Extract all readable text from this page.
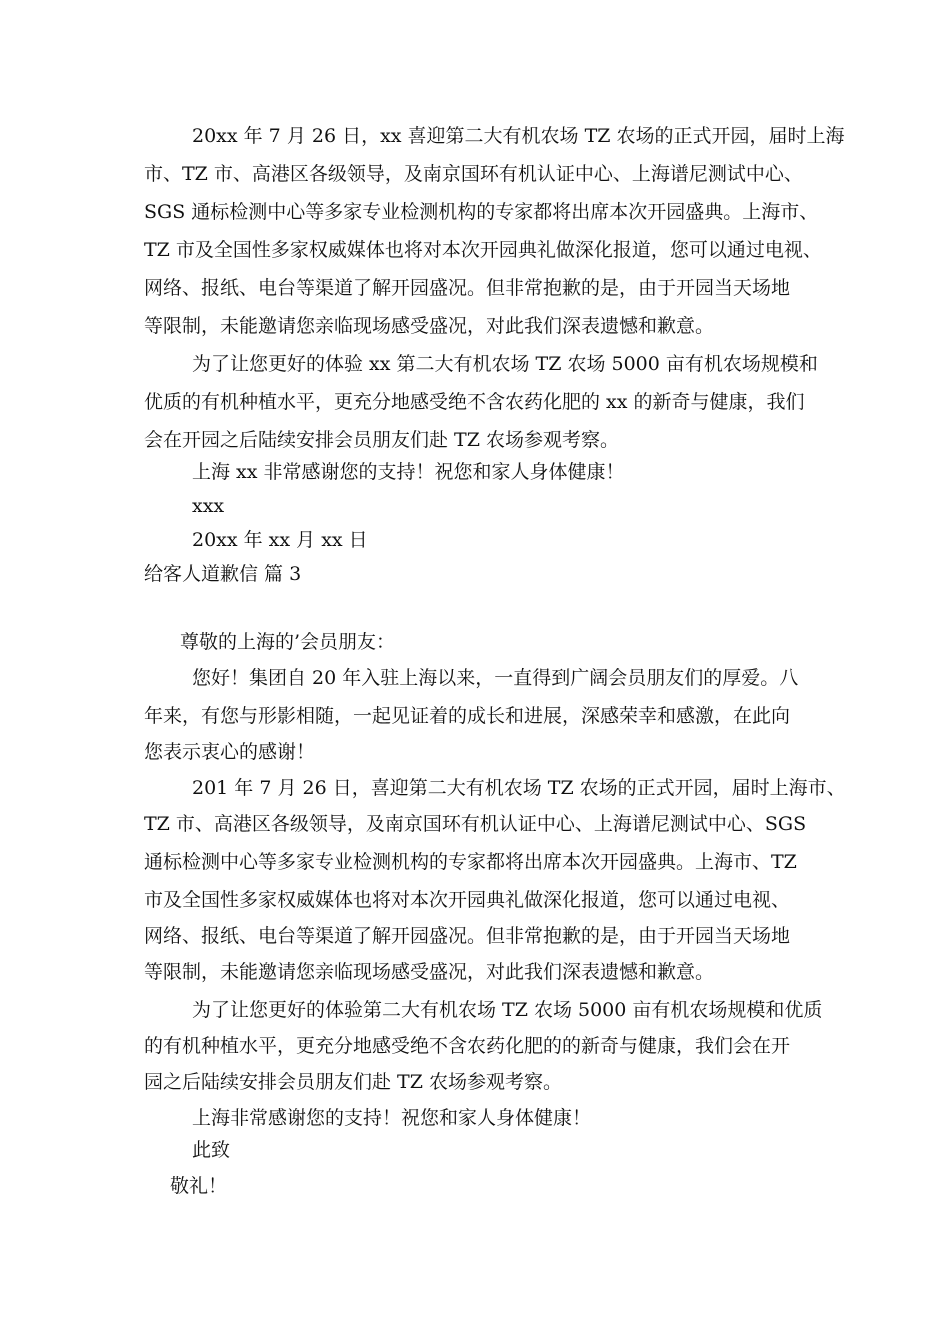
20xx 年 7 月 26 日，xx 喜迎第二大有机农场 TZ 农场的正式开园，届时上海
市、TZ 市、高港区各级领导，及南京国环有机认证中心、上海谱尼测试中心、
SGS 通标检测中心等多家专业检测机构的专家都将出席本次开园盛典。上海市、
TZ 市及全国性多家权威媒体也将对本次开园典礼做深化报道，您可以通过电视、
网络、报纸、电台等渠道了解开园盛况。但非常抱歉的是，由于开园当天场地
等限制，未能邀请您亲临现场感受盛况，对此我们深表遗憾和歉意。
为了让您更好的体验 xx 第二大有机农场 TZ 农场 5000 亩有机农场规模和
优质的有机种植水平，更充分地感受绝不含农药化肥的 xx 的新奇与健康，我们
会在开园之后陆续安排会员朋友们赴 TZ 农场参观考察。
上海 xx 非常感谢您的支持！祝您和家人身体健康！
xxx
20xx 年 xx 月 xx 日
给客人道歉信 篇 3
尊敬的上海的’会员朋友：
您好！集团自 20 年入驻上海以来，一直得到广阔会员朋友们的厚爱。八
年来，有您与形影相随，一起见证着的成长和进展，深感荣幸和感激，在此向
您表示衷心的感谢！
201 年 7 月 26 日，喜迎第二大有机农场 TZ 农场的正式开园，届时上海市、
TZ 市、高港区各级领导，及南京国环有机认证中心、上海谱尼测试中心、SGS
通标检测中心等多家专业检测机构的专家都将出席本次开园盛典。上海市、TZ
市及全国性多家权威媒体也将对本次开园典礼做深化报道，您可以通过电视、
网络、报纸、电台等渠道了解开园盛况。但非常抱歉的是，由于开园当天场地
等限制，未能邀请您亲临现场感受盛况，对此我们深表遗憾和歉意。
为了让您更好的体验第二大有机农场 TZ 农场 5000 亩有机农场规模和优质
的有机种植水平，更充分地感受绝不含农药化肥的的新奇与健康，我们会在开
园之后陆续安排会员朋友们赴 TZ 农场参观考察。
上海非常感谢您的支持！祝您和家人身体健康！
此致
敬礼！
